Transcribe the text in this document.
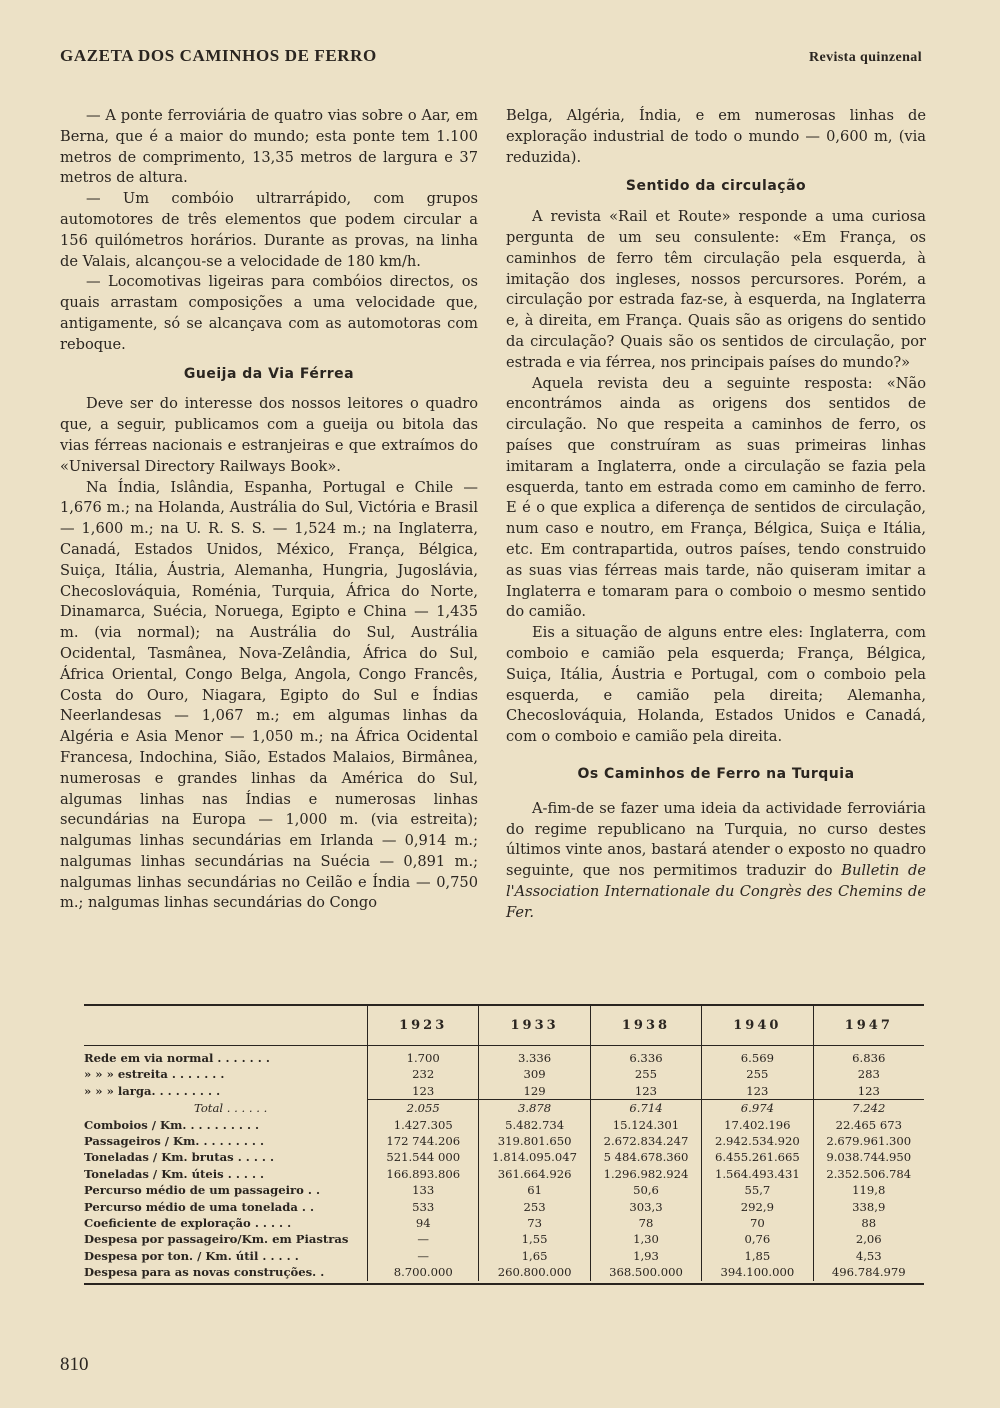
GAZETA DOS CAMINHOS DE FERRO	Revista quinzenal

— A ponte ferroviária de quatro vias sobre o Aar, em Berna, que é a maior do mundo; esta ponte tem 1.100 metros de comprimento, 13,35 metros de largura e 37 metros de altura.

— Um combóio ultrarrápido, com grupos automotores de três elementos que podem circular a 156 quilómetros horários. Durante as provas, na linha de Valais, alcançou-se a velocidade de 180 km/h.

— Locomotivas ligeiras para combóios directos, os quais arrastam composições a uma velocidade que, antigamente, só se alcançava com as automotoras com reboque.

Gueija da Via Férrea

Deve ser do interesse dos nossos leitores o quadro que, a seguir, publicamos com a gueija ou bitola das vias férreas nacionais e estranjeiras e que extraímos do «Universal Directory Railways Book».

Na Índia, Islândia, Espanha, Portugal e Chile — 1,676 m.; na Holanda, Austrália do Sul, Victória e Brasil — 1,600 m.; na U. R. S. S. — 1,524 m.; na Inglaterra, Canadá, Estados Unidos, México, França, Bélgica, Suiça, Itália, Áustria, Alemanha, Hungria, Jugoslávia, Checoslováquia, Roménia, Turquia, África do Norte, Dinamarca, Suécia, Noruega, Egipto e China — 1,435 m. (via normal); na Austrália do Sul, Austrália Ocidental, Tasmânea, Nova-Zelândia, África do Sul, África Oriental, Congo Belga, Angola, Congo Francês, Costa do Ouro, Niagara, Egipto do Sul e Índias Neerlandesas — 1,067 m.; em algumas linhas da Algéria e Asia Menor — 1,050 m.; na África Ocidental Francesa, Indochina, Sião, Estados Malaios, Birmânea, numerosas e grandes linhas da América do Sul, algumas linhas nas Índias e numerosas linhas secundárias na Europa — 1,000 m. (via estreita); nalgumas linhas secundárias em Irlanda — 0,914 m.; nalgumas linhas secundárias na Suécia — 0,891 m.; nalgumas linhas secundárias no Ceilão e Índia — 0,750 m.; nalgumas linhas secundárias do Congo

Belga, Algéria, Índia, e em numerosas linhas de exploração industrial de todo o mundo — 0,600 m, (via reduzida).

Sentido da circulação

A revista «Rail et Route» responde a uma curiosa pergunta de um seu consulente: «Em França, os caminhos de ferro têm circulação pela esquerda, à imitação dos ingleses, nossos percursores. Porém, a circulação por estrada faz-se, à esquerda, na Inglaterra e, à direita, em França. Quais são as origens do sentido da circulação? Quais são os sentidos de circulação, por estrada e via férrea, nos principais países do mundo?»

Aquela revista deu a seguinte resposta: «Não encontrámos ainda as origens dos sentidos de circulação. No que respeita a caminhos de ferro, os países que construíram as suas primeiras linhas imitaram a Inglaterra, onde a circulação se fazia pela esquerda, tanto em estrada como em caminho de ferro. E é o que explica a diferença de sentidos de circulação, num caso e noutro, em França, Bélgica, Suiça e Itália, etc. Em contrapartida, outros países, tendo construido as suas vias férreas mais tarde, não quiseram imitar a Inglaterra e tomaram para o comboio o mesmo sentido do camião.

Eis a situação de alguns entre eles: Inglaterra, com comboio e camião pela esquerda; França, Bélgica, Suiça, Itália, Áustria e Portugal, com o comboio pela esquerda, e camião pela direita; Alemanha, Checoslováquia, Holanda, Estados Unidos e Canadá, com o comboio e camião pela direita.

Os Caminhos de Ferro na Turquia

A-fim-de se fazer uma ideia da actividade ferroviária do regime republicano na Turquia, no curso destes últimos vinte anos, bastará atender o exposto no quadro seguinte, que nos permitimos traduzir do Bulletin de l'Association Internationale du Congrès des Chemins de Fer.

	1923	1933	1938	1940	1947
Rede em via normal . . . . . . .	1.700	3.336	6.336	6.569	6.836
» » » estreita . . . . . . .	232	309	255	255	283
» » » larga. . . . . . . . .	123	129	123	123	123
Total . . . . . .	2.055	3.878	6.714	6.974	7.242
Comboios / Km. . . . . . . . . .	1.427.305	5.482.734	15.124.301	17.402.196	22.465 673
Passageiros / Km. . . . . . . . .	172 744.206	319.801.650	2.672.834.247	2.942.534.920	2.679.961.300
Toneladas / Km. brutas . . . . .	521.544 000	1.814.095.047	5 484.678.360	6.455.261.665	9.038.744.950
Toneladas / Km. úteis . . . . .	166.893.806	361.664.926	1.296.982.924	1.564.493.431	2.352.506.784
Percurso médio de um passageiro . .	133	61	50,6	55,7	119,8
Percurso médio de uma tonelada . .	533	253	303,3	292,9	338,9
Coeficiente de exploração . . . . .	94	73	78	70	88
Despesa por passageiro/Km. em Piastras	—	1,55	1,30	0,76	2,06
Despesa por ton. / Km. útil . . . . .	—	1,65	1,93	1,85	4,53
Despesa para as novas construções. .	8.700.000	260.800.000	368.500.000	394.100.000	496.784.979
810
